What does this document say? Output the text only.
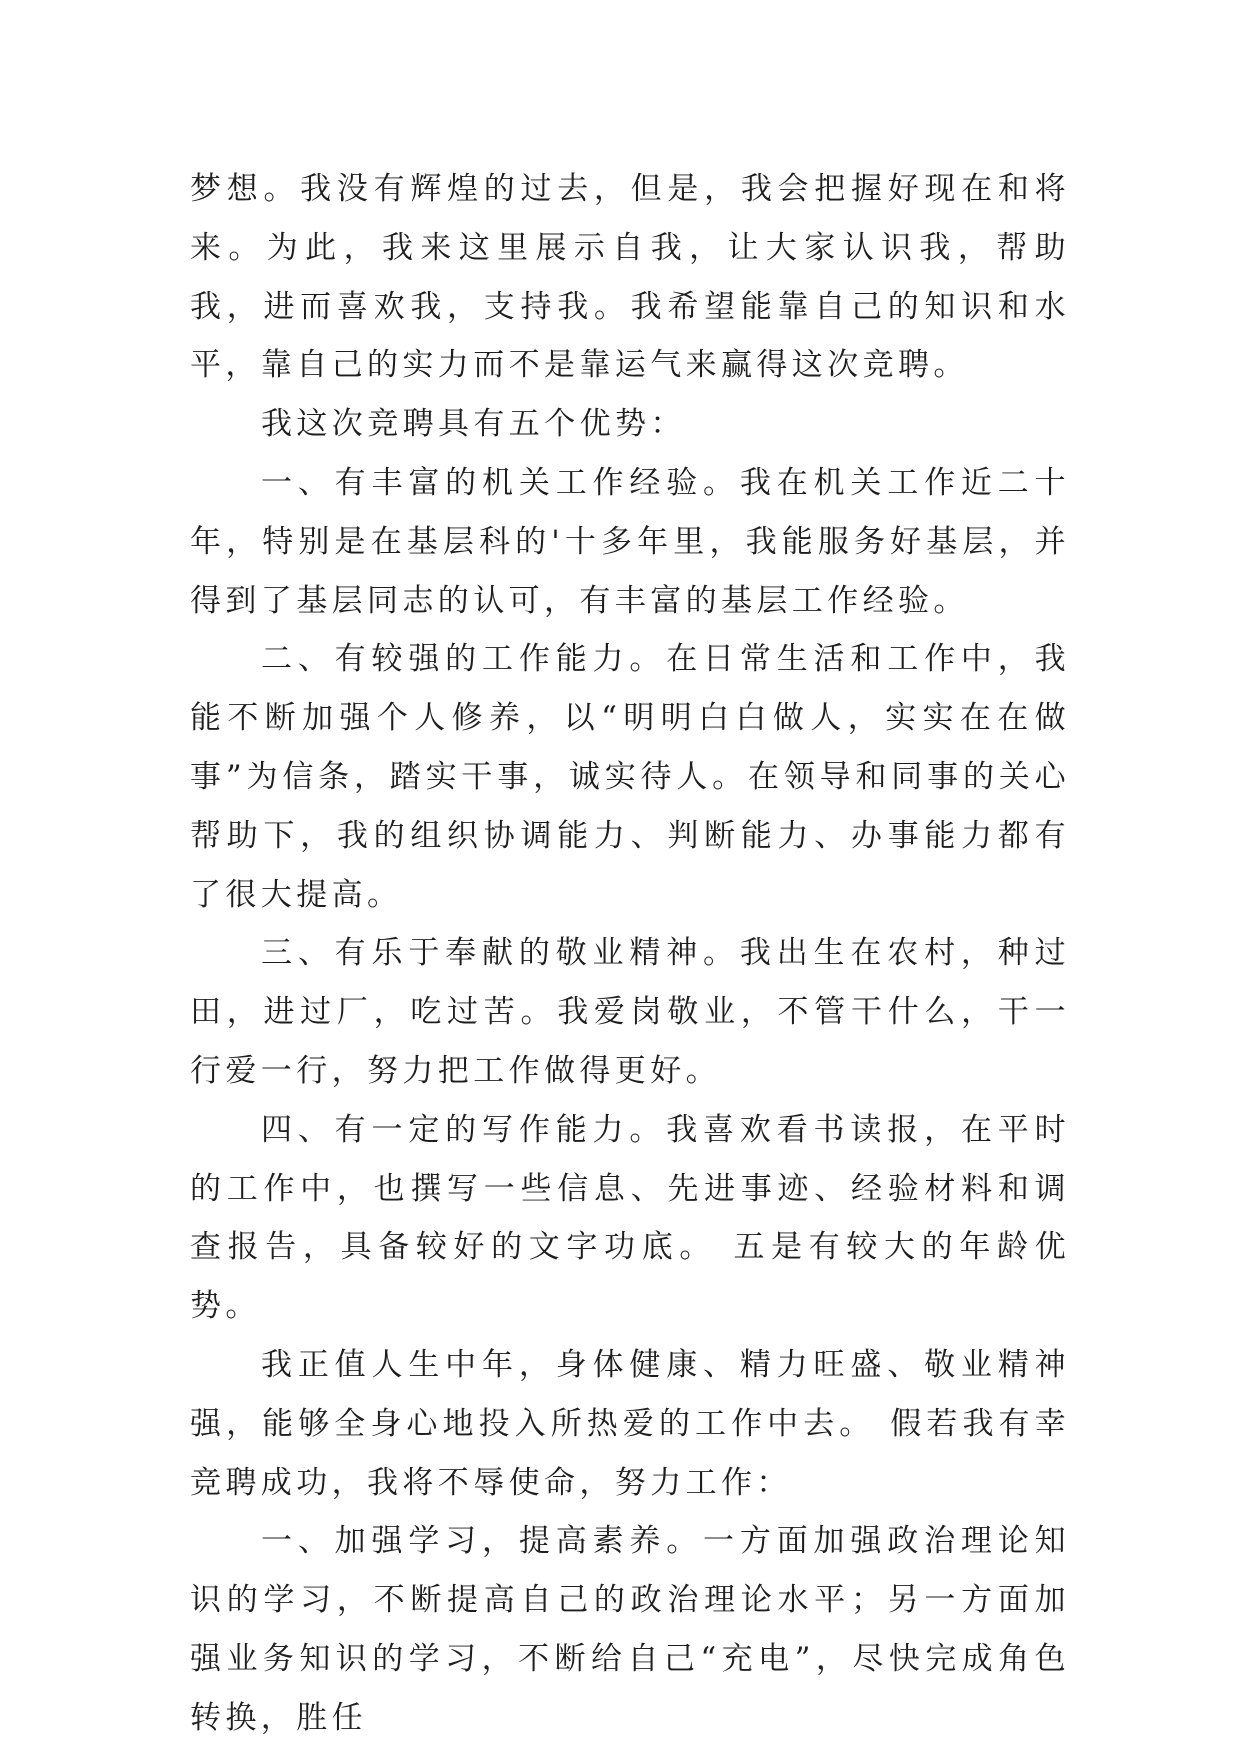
梦想。我没有辉煌的过去，但是，我会把握好现在和将来。为此，我来这里展示自我，让大家认识我，帮助我，进而喜欢我，支持我。我希望能靠自己的知识和水平，靠自己的实力而不是靠运气来赢得这次竞聘。

我这次竞聘具有五个优势：

一、有丰富的机关工作经验。我在机关工作近二十年，特别是在基层科的'十多年里，我能服务好基层，并得到了基层同志的认可，有丰富的基层工作经验。

二、有较强的工作能力。在日常生活和工作中，我能不断加强个人修养，以“明明白白做人，实实在在做事”为信条，踏实干事，诚实待人。在领导和同事的关心帮助下，我的组织协调能力、判断能力、办事能力都有了很大提高。

三、有乐于奉献的敬业精神。我出生在农村，种过田，进过厂，吃过苦。我爱岗敬业，不管干什么，干一行爱一行，努力把工作做得更好。

四、有一定的写作能力。我喜欢看书读报，在平时的工作中，也撰写一些信息、先进事迹、经验材料和调查报告，具备较好的文字功底。 五是有较大的年龄优势。

我正值人生中年，身体健康、精力旺盛、敬业精神强，能够全身心地投入所热爱的工作中去。 假若我有幸竞聘成功，我将不辱使命，努力工作：

一、加强学习，提高素养。一方面加强政治理论知识的学习，不断提高自己的政治理论水平；另一方面加强业务知识的学习，不断给自己“充电”，尽快完成角色转换，胜任
